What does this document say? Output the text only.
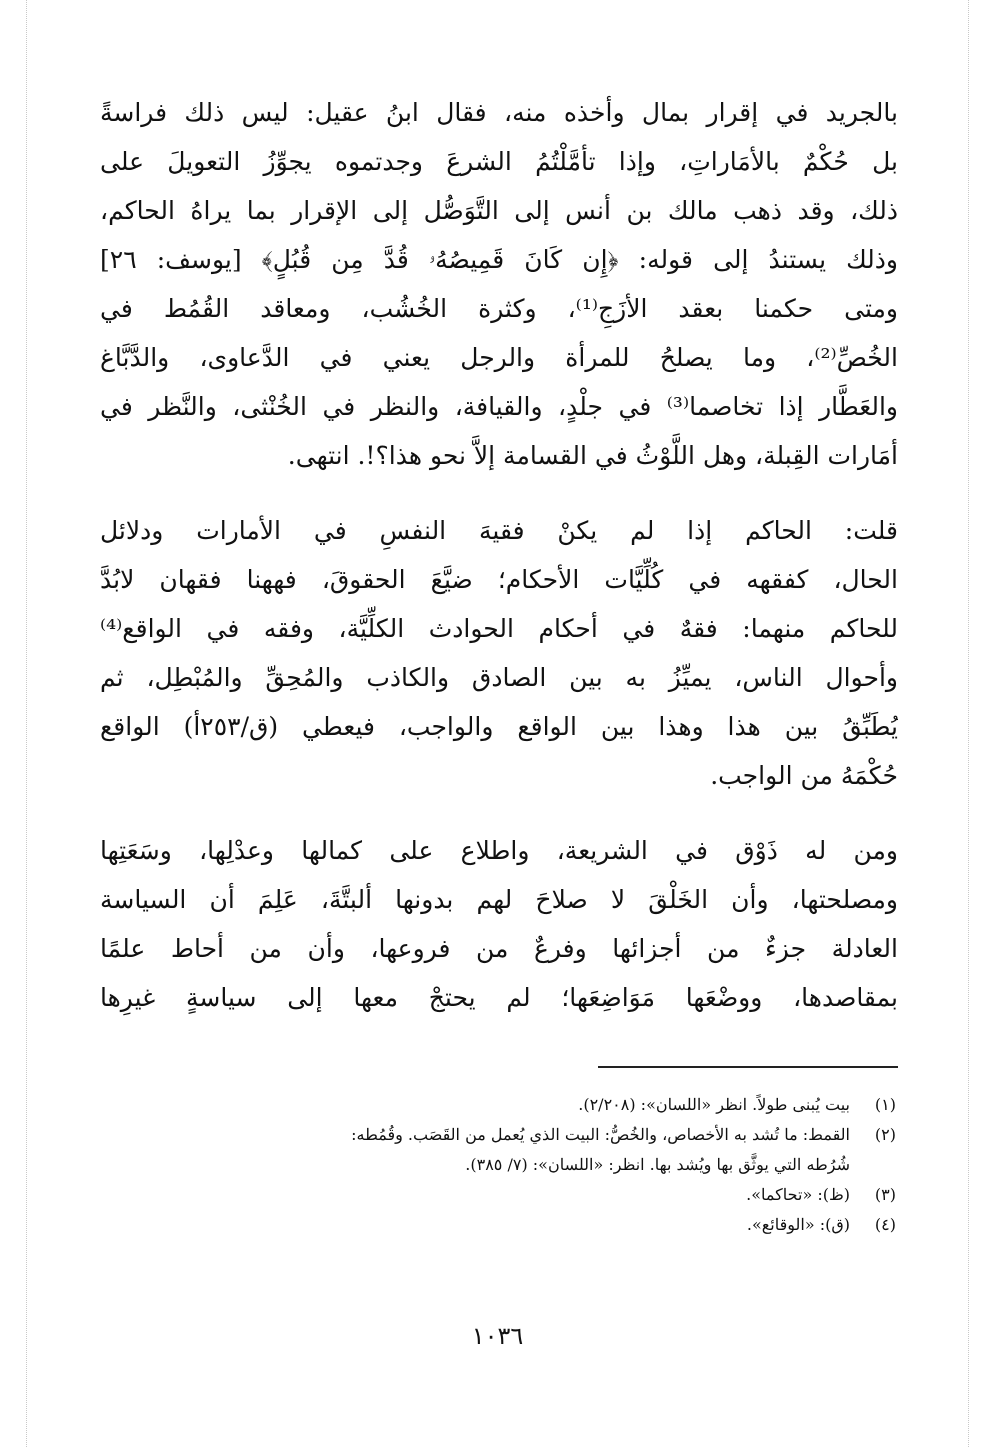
بالجريد في إقرار بمال وأخذه منه، فقال ابنُ عقيل: ليس ذلك فراسةً
بل حُكْمٌ بالأمَاراتِ، وإذا تأمَّلْتُمُ الشرعَ وجدتموه يجوِّزُ التعويلَ على
ذلك، وقد ذهب مالك بن أنس إلى التَّوَصُّل إلى الإقرار بما يراهُ الحاكم،
وذلك يستندُ إلى قوله: ﴿إِن كَانَ قَمِيصُهُۥ قُدَّ مِن قُبُلٍ﴾ [يوسف: ٢٦]
ومتى حكمنا بعقد الأزَجِ⁽¹⁾، وكثرة الخُشُب، ومعاقد القُمُط في
الخُصِّ⁽²⁾، وما يصلحُ للمرأة والرجل يعني في الدَّعاوى، والدَّبَّاغ
والعَطَّار إذا تخاصما⁽³⁾ في جلْدٍ، والقيافة، والنظر في الخُنْثى، والنَّظر في
أمَارات القِبلة، وهل اللَّوْثُ في القسامة إلاَّ نحو هذا؟!. انتهى.
قلت: الحاكم إذا لم يكنْ فقيهَ النفسِ في الأمارات ودلائل
الحال، كفقهه في كُلِّيَّات الأحكام؛ ضيَّعَ الحقوقَ، فههنا فقهان لابُدَّ
للحاكم منهما: فقهٌ في أحكام الحوادث الكلِّيَّة، وفقه في الواقع⁽⁴⁾
وأحوال الناس، يميِّزُ به بين الصادق والكاذب والمُحِقِّ والمُبْطِل، ثم
يُطَبِّقُ بين هذا وهذا بين الواقع والواجب، فيعطي (ق/٢٥٣أ) الواقع
حُكْمَهُ من الواجب.
ومن له ذَوْق في الشريعة، واطلاع على كمالها وعدْلِها، وسَعَتِها
ومصلحتها، وأن الخَلْقَ لا صلاحَ لهم بدونها ألبتَّةَ، عَلِمَ أن السياسة
العادلة جزءٌ من أجزائها وفرعٌ من فروعها، وأن من أحاط علمًا
بمقاصدها، ووضْعَها مَوَاضِعَها؛ لم يحتجْ معها إلى سياسةٍ غيرِها
(١)
بيت يُبنى طولاً. انظر «اللسان»: (٢/٢٠٨).
(٢)
القمط: ما تُشد به الأخصاص، والخُصُّ: البيت الذي يُعمل من القَصَب. وقُمُطه:
شُرُطه التي يوثَّق بها ويُشد بها. انظر: «اللسان»: (٧/ ٣٨٥).
(٣)
(ظ): «تحاكما».
(٤)
(ق): «الوقائع».
١٠٣٦
